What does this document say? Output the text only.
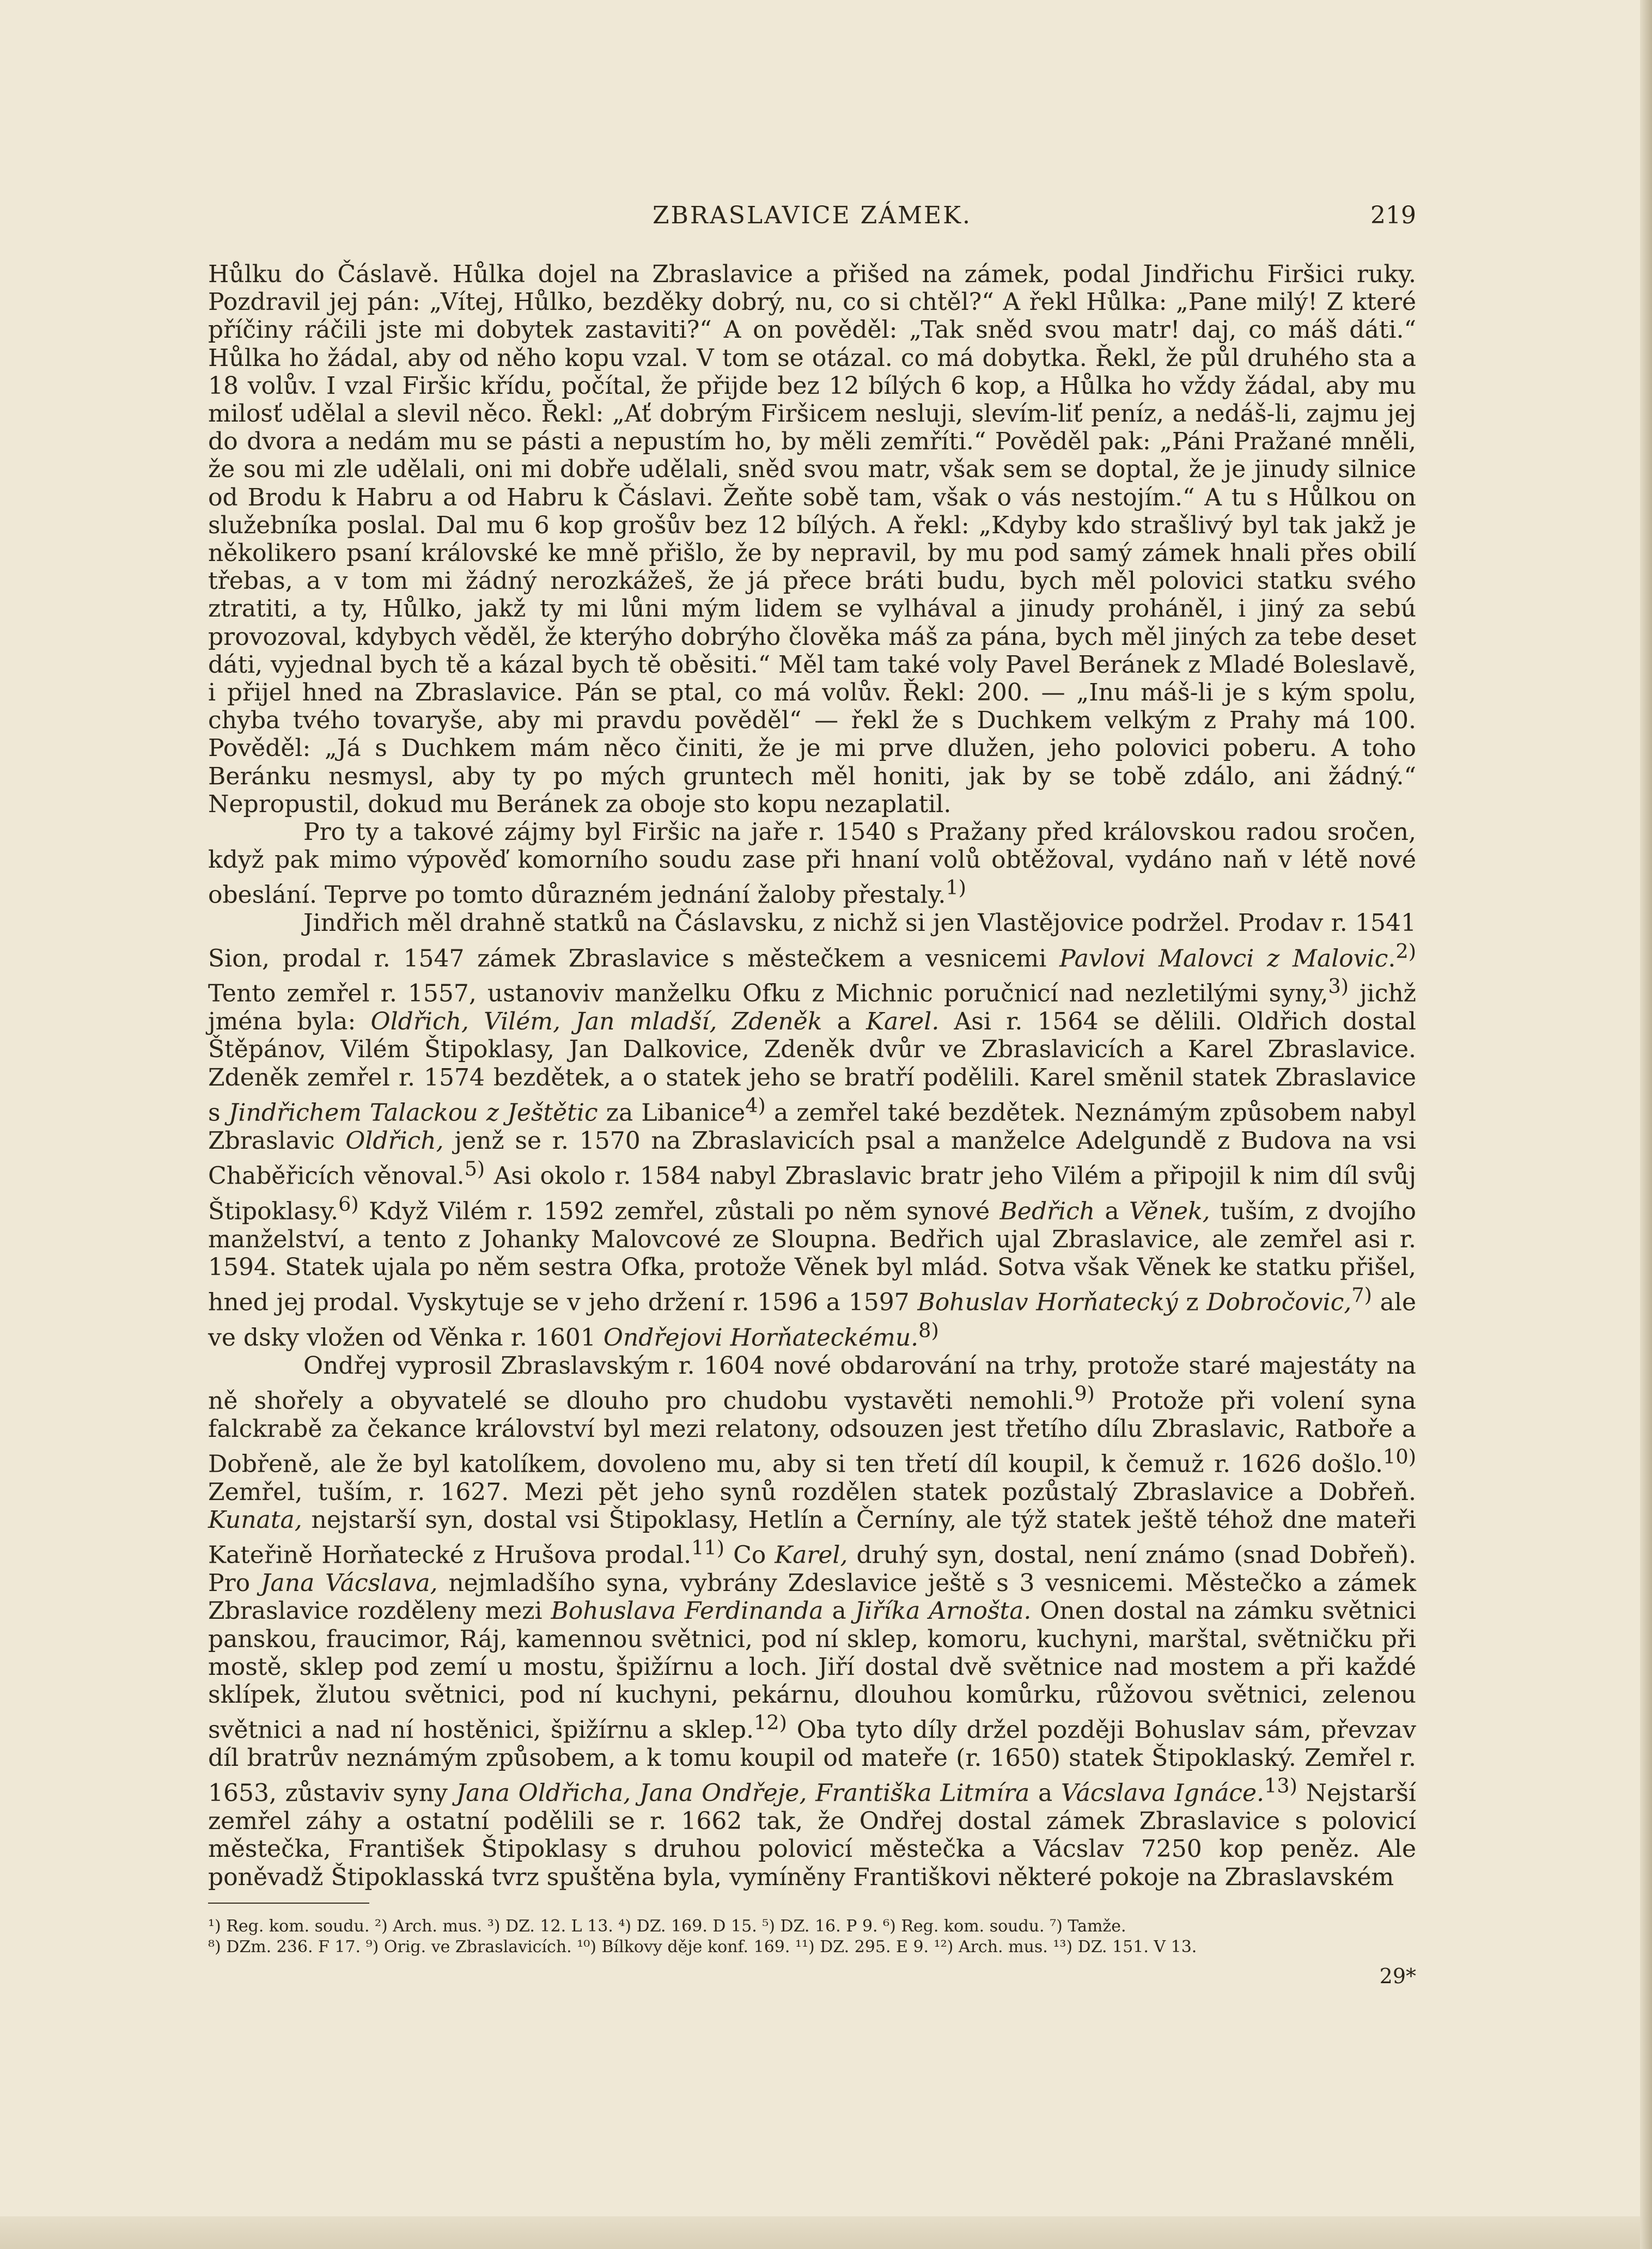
ZBRASLAVICE ZÁMEK.	219

Hůlku do Čáslavě. Hůlka dojel na Zbraslavice a přišed na zámek, podal Jindřichu Firšici ruky. Pozdravil jej pán: „Vítej, Hůlko, bezděky dobrý, nu, co si chtěl?“ A řekl Hůlka: „Pane milý! Z které příčiny ráčili jste mi dobytek zastaviti?“ A on pověděl: „Tak sněd svou matr! daj, co máš dáti.“ Hůlka ho žádal, aby od něho kopu vzal. V tom se otázal. co má dobytka. Řekl, že půl druhého sta a 18 volův. I vzal Firšic křídu, počítal, že přijde bez 12 bílých 6 kop, a Hůlka ho vždy žádal, aby mu milosť udělal a slevil něco. Řekl: „Ať dobrým Firšicem nesluji, slevím-liť peníz, a nedáš-li, zajmu jej do dvora a nedám mu se pásti a nepustím ho, by měli zemříti.“ Pověděl pak: „Páni Pražané mněli, že sou mi zle udělali, oni mi dobře udělali, sněd svou matr, však sem se doptal, že je jinudy silnice od Brodu k Habru a od Habru k Čáslavi. Žeňte sobě tam, však o vás nestojím.“ A tu s Hůlkou on služebníka poslal. Dal mu 6 kop grošův bez 12 bílých. A řekl: „Kdyby kdo strašlivý byl tak jakž je několikero psaní královské ke mně přišlo, že by nepravil, by mu pod samý zámek hnali přes obilí třebas, a v tom mi žádný nerozkážeš, že já přece bráti budu, bych měl polovici statku svého ztratiti, a ty, Hůlko, jakž ty mi lůni mým lidem se vylhával a jinudy proháněl, i jiný za sebú provozoval, kdybych věděl, že kterýho dobrýho člověka máš za pána, bych měl jiných za tebe deset dáti, vyjednal bych tě a kázal bych tě oběsiti.“ Měl tam také voly Pavel Beránek z Mladé Boleslavě, i přijel hned na Zbraslavice. Pán se ptal, co má volův. Řekl: 200. — „Inu máš-li je s kým spolu, chyba tvého tovaryše, aby mi pravdu pověděl“ — řekl že s Duchkem velkým z Prahy má 100. Pověděl: „Já s Duchkem mám něco činiti, že je mi prve dlužen, jeho polovici poberu. A toho Beránku nesmysl, aby ty po mých gruntech měl honiti, jak by se tobě zdálo, ani žádný.“ Nepropustil, dokud mu Beránek za oboje sto kopu nezaplatil.

Pro ty a takové zájmy byl Firšic na jaře r. 1540 s Pražany před královskou radou sročen, když pak mimo výpověď komorního soudu zase při hnaní volů obtěžoval, vydáno naň v létě nové obeslání. Teprve po tomto důrazném jednání žaloby přestaly.$^{1)}$

Jindřich měl drahně statků na Čáslavsku, z nichž si jen Vlastějovice podržel. Prodav r. 1541 Sion, prodal r. 1547 zámek Zbraslavice s městečkem a vesnicemi Pavlovi Malovci z Malovic.$^{2)}$ Tento zemřel r. 1557, ustanoviv manželku Ofku z Michnic poručnicí nad nezletilými syny,$^{3)}$ jichž jména byla: Oldřich, Vilém, Jan mladší, Zdeněk a Karel. Asi r. 1564 se dělili. Oldřich dostal Štěpánov, Vilém Štipoklasy, Jan Dalkovice, Zdeněk dvůr ve Zbraslavicích a Karel Zbraslavice. Zdeněk zemřel r. 1574 bezdětek, a o statek jeho se bratří podělili. Karel směnil statek Zbraslavice s Jindřichem Talackou z Ještětic za Libanice$^{4)}$ a zemřel také bezdětek. Neznámým způsobem nabyl Zbraslavic Oldřich, jenž se r. 1570 na Zbraslavicích psal a manželce Adelgundě z Budova na vsi Chaběřicích věnoval.$^{5)}$ Asi okolo r. 1584 nabyl Zbraslavic bratr jeho Vilém a připojil k nim díl svůj Štipoklasy.$^{6)}$ Když Vilém r. 1592 zemřel, zůstali po něm synové Bedřich a Věnek, tuším, z dvojího manželství, a tento z Johanky Malovcové ze Sloupna. Bedřich ujal Zbraslavice, ale zemřel asi r. 1594. Statek ujala po něm sestra Ofka, protože Věnek byl mlád. Sotva však Věnek ke statku přišel, hned jej prodal. Vyskytuje se v jeho držení r. 1596 a 1597 Bohuslav Horňatecký z Dobročovic,$^{7)}$ ale ve dsky vložen od Věnka r. 1601 Ondřejovi Horňateckému.$^{8)}$

Ondřej vyprosil Zbraslavským r. 1604 nové obdarování na trhy, protože staré majestáty na ně shořely a obyvatelé se dlouho pro chudobu vystavěti nemohli.$^{9)}$ Protože při volení syna falckrabě za čekance království byl mezi relatony, odsouzen jest třetího dílu Zbraslavic, Ratboře a Dobřeně, ale že byl katolíkem, dovoleno mu, aby si ten třetí díl koupil, k čemuž r. 1626 došlo.$^{10)}$ Zemřel, tuším, r. 1627. Mezi pět jeho synů rozdělen statek pozůstalý Zbraslavice a Dobřeň. Kunata, nejstarší syn, dostal vsi Štipoklasy, Hetlín a Černíny, ale týž statek ještě téhož dne mateři Kateřině Horňatecké z Hrušova prodal.$^{11)}$ Co Karel, druhý syn, dostal, není známo (snad Dobřeň). Pro Jana Vácslava, nejmladšího syna, vybrány Zdeslavice ještě s 3 vesnicemi. Městečko a zámek Zbraslavice rozděleny mezi Bohuslava Ferdinanda a Jiříka Arnošta. Onen dostal na zámku světnici panskou, fraucimor, Ráj, kamennou světnici, pod ní sklep, komoru, kuchyni, marštal, světničku při mostě, sklep pod zemí u mostu, špižírnu a loch. Jiří dostal dvě světnice nad mostem a při každé sklípek, žlutou světnici, pod ní kuchyni, pekárnu, dlouhou komůrku, růžovou světnici, zelenou světnici a nad ní hostěnici, špižírnu a sklep.$^{12)}$ Oba tyto díly držel později Bohuslav sám, převzav díl bratrův neznámým způsobem, a k tomu koupil od mateře (r. 1650) statek Štipoklaský. Zemřel r. 1653, zůstaviv syny Jana Oldřicha, Jana Ondřeje, Františka Litmíra a Vácslava Ignáce.$^{13)}$ Nejstarší zemřel záhy a ostatní podělili se r. 1662 tak, že Ondřej dostal zámek Zbraslavice s polovicí městečka, František Štipoklasy s druhou polovicí městečka a Vácslav 7250 kop peněz. Ale poněvadž Štipoklasská tvrz spuštěna byla, vymíněny Františkovi některé pokoje na Zbraslavském

¹) Reg. kom. soudu. ²) Arch. mus. ³) DZ. 12. L 13. ⁴) DZ. 169. D 15. ⁵) DZ. 16. P 9. ⁶) Reg. kom. soudu. ⁷) Tamže.

⁸) DZm. 236. F 17. ⁹) Orig. ve Zbraslavicích. ¹⁰) Bílkovy děje konf. 169. ¹¹) DZ. 295. E 9. ¹²) Arch. mus. ¹³) DZ. 151. V 13.

29*
